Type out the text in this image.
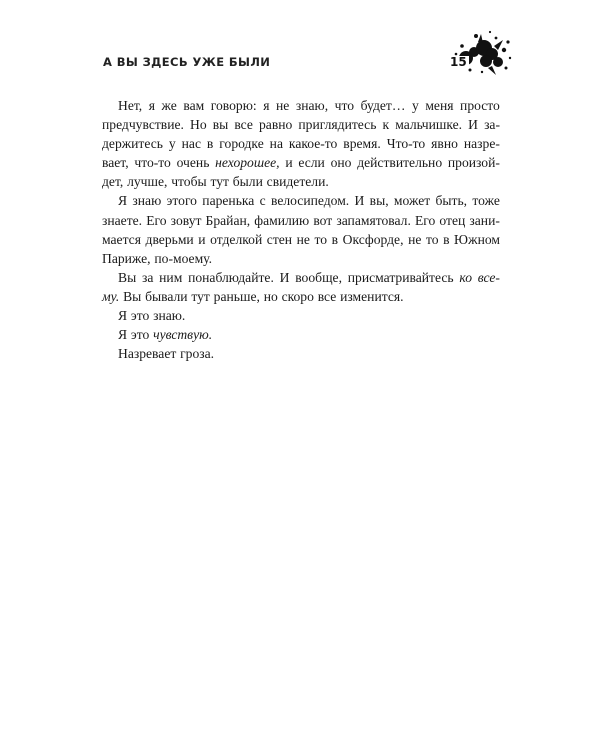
А ВЫ ЗДЕСЬ УЖЕ БЫЛИ	15
Нет, я же вам говорю: я не знаю, что будет… у меня просто
предчувствие. Но вы все равно приглядитесь к мальчишке. И за-
держитесь у нас в городке на какое-то время. Что-то явно назре-
вает, что-то очень нехорошее, и если оно действительно произой-
дет, лучше, чтобы тут были свидетели.
Я знаю этого паренька с велосипедом. И вы, может быть, тоже
знаете. Его зовут Брайан, фамилию вот запамятовал. Его отец зани-
мается дверьми и отделкой стен не то в Оксфорде, не то в Южном
Париже, по-моему.
Вы за ним понаблюдайте. И вообще, присматривайтесь ко все-
му. Вы бывали тут раньше, но скоро все изменится.
Я это знаю.
Я это чувствую.
Назревает гроза.
